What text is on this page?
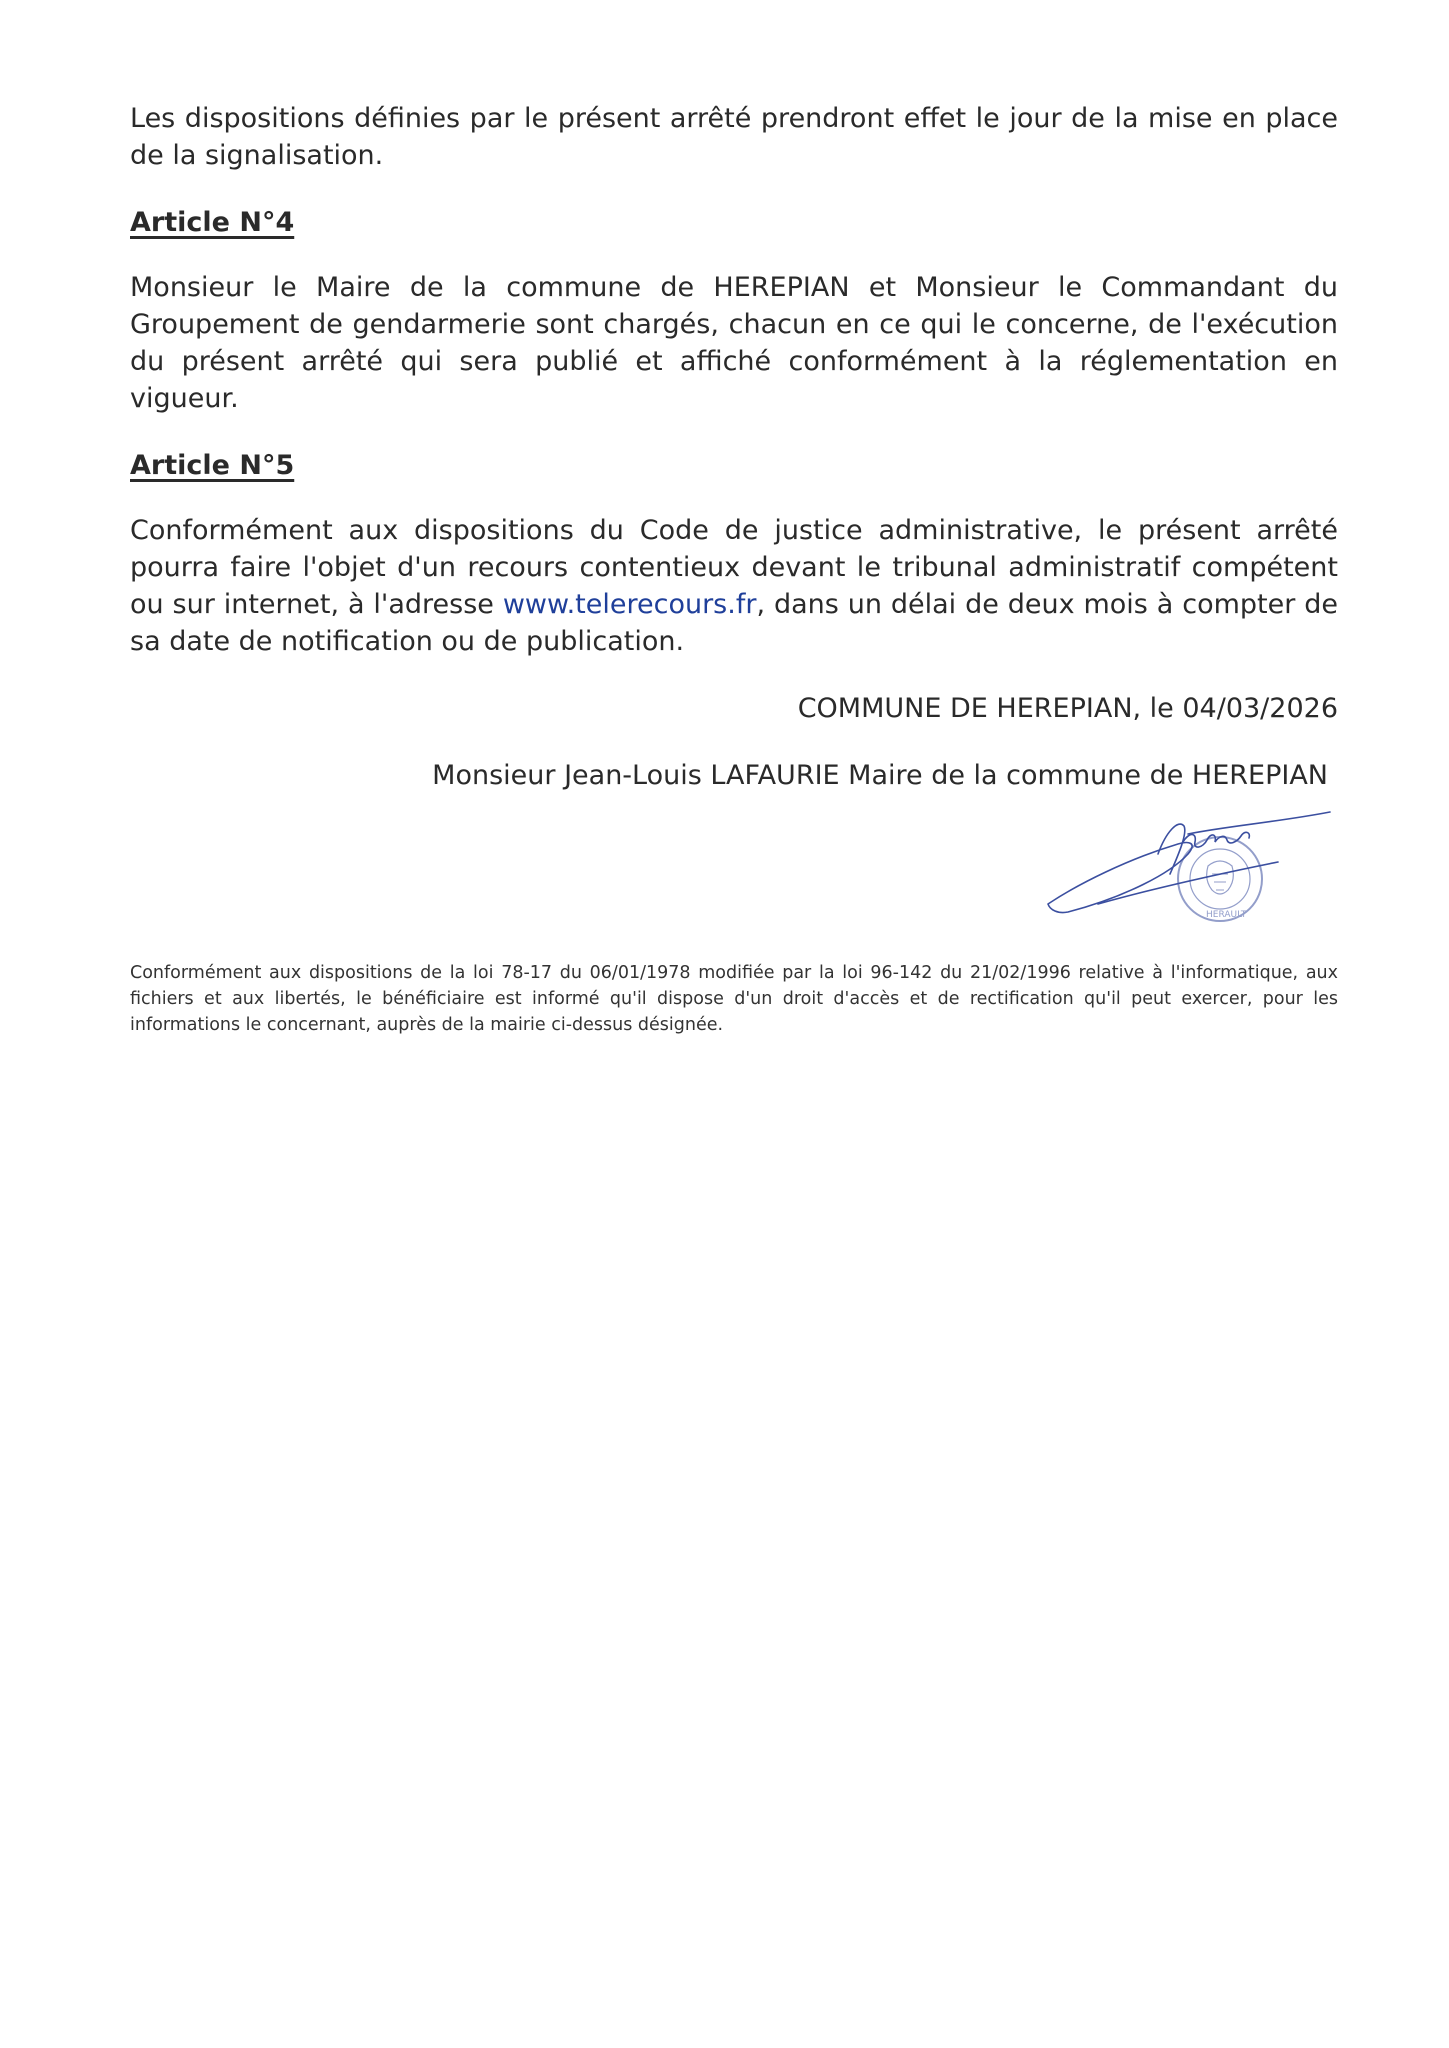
Les dispositions définies par le présent arrêté prendront effet le jour de la mise en place de la signalisation.

Article N°4

Monsieur le Maire de la commune de HEREPIAN et Monsieur le Commandant du Groupement de gendarmerie sont chargés, chacun en ce qui le concerne, de l'exécution du présent arrêté qui sera publié et affiché conformément à la réglementation en vigueur.

Article N°5

Conformément aux dispositions du Code de justice administrative, le présent arrêté pourra faire l'objet d'un recours contentieux devant le tribunal administratif compétent ou sur internet, à l'adresse www.telerecours.fr, dans un délai de deux mois à compter de sa date de notification ou de publication.

COMMUNE DE HEREPIAN, le 04/03/2026

Monsieur Jean-Louis LAFAURIE Maire de la commune de HEREPIAN

HERAULT

Conformément aux dispositions de la loi 78-17 du 06/01/1978 modifiée par la loi 96-142 du 21/02/1996 relative à l'informatique, aux fichiers et aux libertés, le bénéficiaire est informé qu'il dispose d'un droit d'accès et de rectification qu'il peut exercer, pour les informations le concernant, auprès de la mairie ci-dessus désignée.
